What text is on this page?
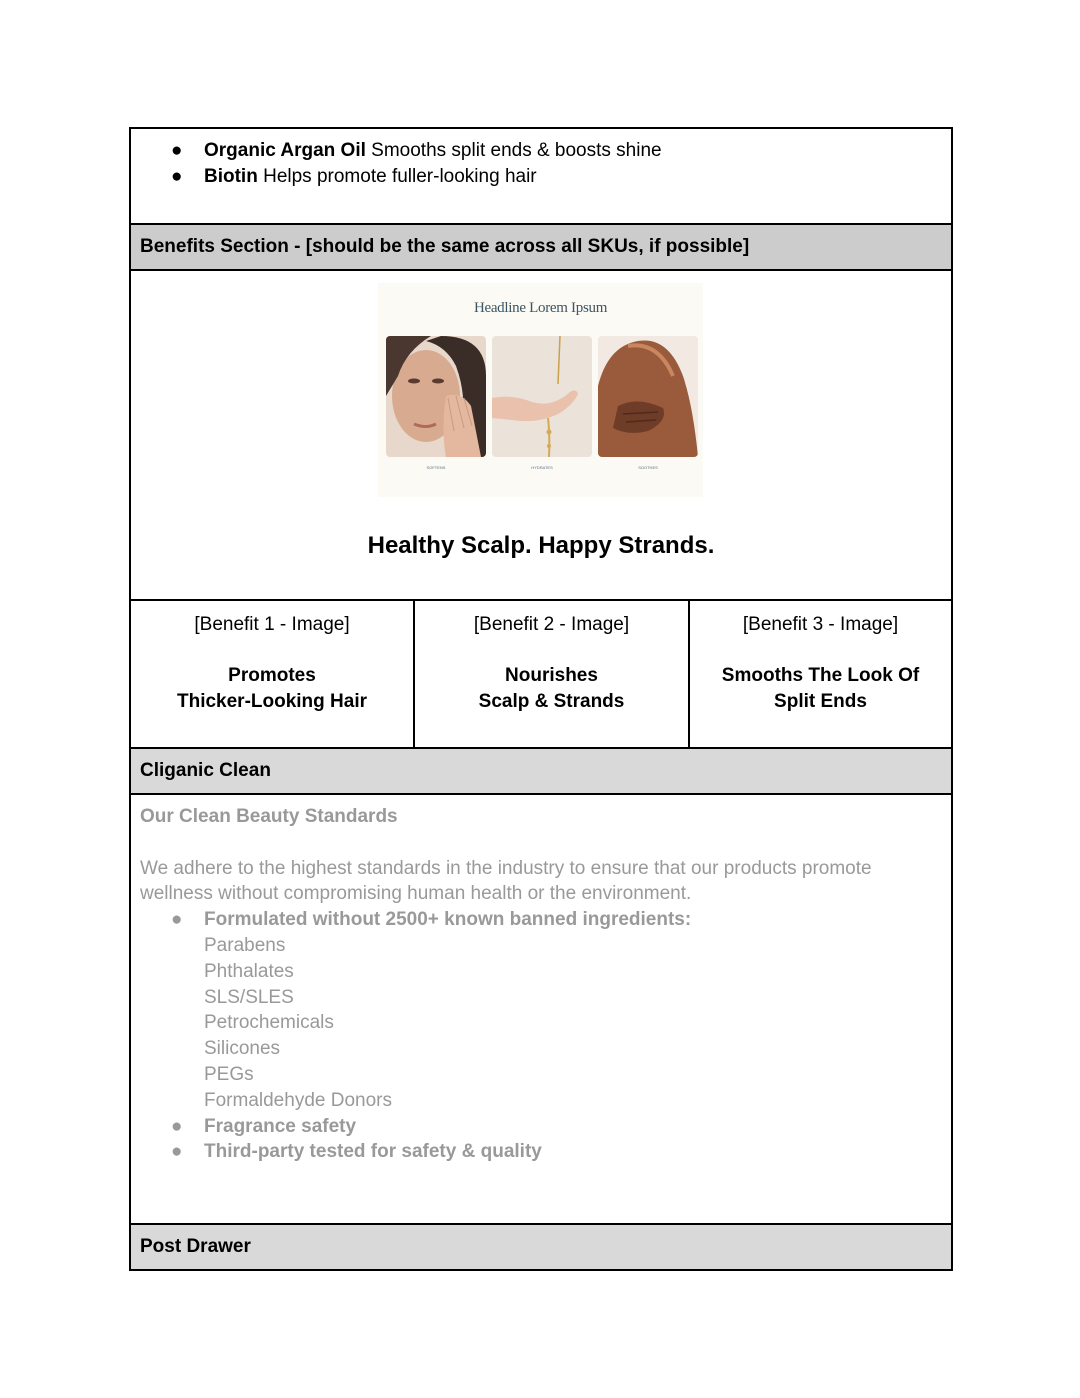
● Organic Argan Oil Smooths split ends & boosts shine
● Biotin Helps promote fuller-looking hair
Benefits Section - [should be the same across all SKUs, if possible]
Headline Lorem Ipsum
SOFTENS	HYDRATES	SOOTHES
Healthy Scalp. Happy Strands.
[Benefit 1 - Image]
Promotes
Thicker-Looking Hair
[Benefit 2 - Image]
Nourishes
Scalp & Strands
[Benefit 3 - Image]
Smooths The Look Of
Split Ends
Cliganic Clean
Our Clean Beauty Standards
We adhere to the highest standards in the industry to ensure that our products promote wellness without compromising human health or the environment.
● Formulated without 2500+ known banned ingredients:
Parabens
Phthalates
SLS/SLES
Petrochemicals
Silicones
PEGs
Formaldehyde Donors
● Fragrance safety
● Third-party tested for safety & quality
Post Drawer
